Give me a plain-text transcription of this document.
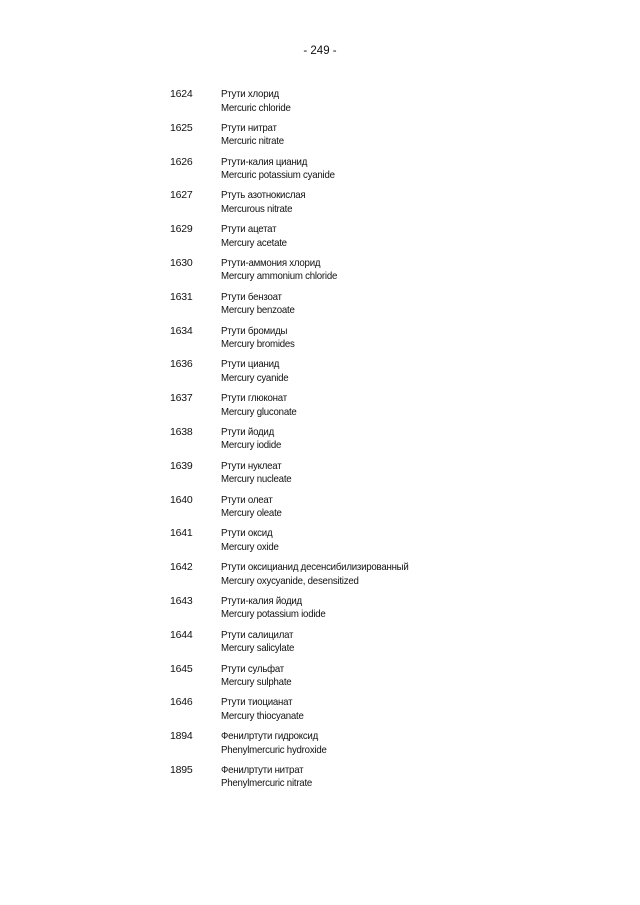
- 249 -
1624	Ртути хлорид
Mercuric chloride
1625	Ртути нитрат
Mercuric nitrate
1626	Ртути-калия цианид
Mercuric potassium cyanide
1627	Ртуть азотнокислая
Mercurous nitrate
1629	Ртути ацетат
Mercury acetate
1630	Ртути-аммония хлорид
Mercury ammonium chloride
1631	Ртути бензоат
Mercury benzoate
1634	Ртути бромиды
Mercury bromides
1636	Ртути цианид
Mercury cyanide
1637	Ртути глюконат
Mercury gluconate
1638	Ртути йодид
Mercury iodide
1639	Ртути нуклеат
Mercury nucleate
1640	Ртути олеат
Mercury oleate
1641	Ртути оксид
Mercury oxide
1642	Ртути оксицианид десенсибилизированный
Mercury oxycyanide, desensitized
1643	Ртути-калия йодид
Mercury potassium iodide
1644	Ртути салицилат
Mercury salicylate
1645	Ртути сульфат
Mercury sulphate
1646	Ртути тиоцианат
Mercury thiocyanate
1894	Фенилртути гидроксид
Phenylmercuric hydroxide
1895	Фенилртути нитрат
Phenylmercuric nitrate
